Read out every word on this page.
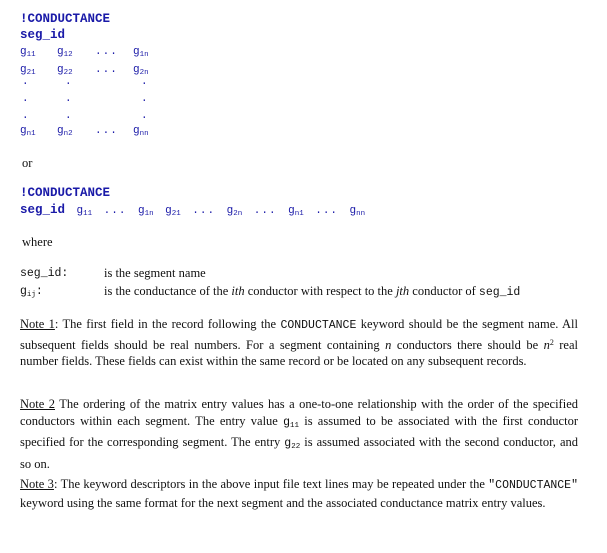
!CONDUCTANCE
seg_id
$g_{11}$ $g_{12}$ ... $g_{1n}$
$g_{21}$ $g_{22}$ ... $g_{2n}$
.	.	.
.	.	.
.	.	.
$g_{n1}$ $g_{n2}$ ... $g_{nn}$
or
!CONDUCTANCE
seg_id $g_{11}$ ... $g_{1n}$ $g_{21}$ ... $g_{2n}$ ... $g_{n1}$ ... $g_{nn}$
where
seg_id:	is the segment name
$g_{ij}$:	is the conductance of the ith conductor with respect to the jth conductor of seg_id
Note 1: The first field in the record following the CONDUCTANCE keyword should be the segment name. All subsequent fields should be real numbers. For a segment containing n conductors there should be $n^2$ real number fields. These fields can exist within the same record or be located on any subsequent records.
Note 2 The ordering of the matrix entry values has a one-to-one relationship with the order of the specified conductors within each segment. The entry value $g_{11}$ is assumed to be associated with the first conductor specified for the corresponding segment. The entry $g_{22}$ is assumed associated with the second conductor, and so on.
Note 3: The keyword descriptors in the above input file text lines may be repeated under the "CONDUCTANCE" keyword using the same format for the next segment and the associated conductance matrix entry values.
